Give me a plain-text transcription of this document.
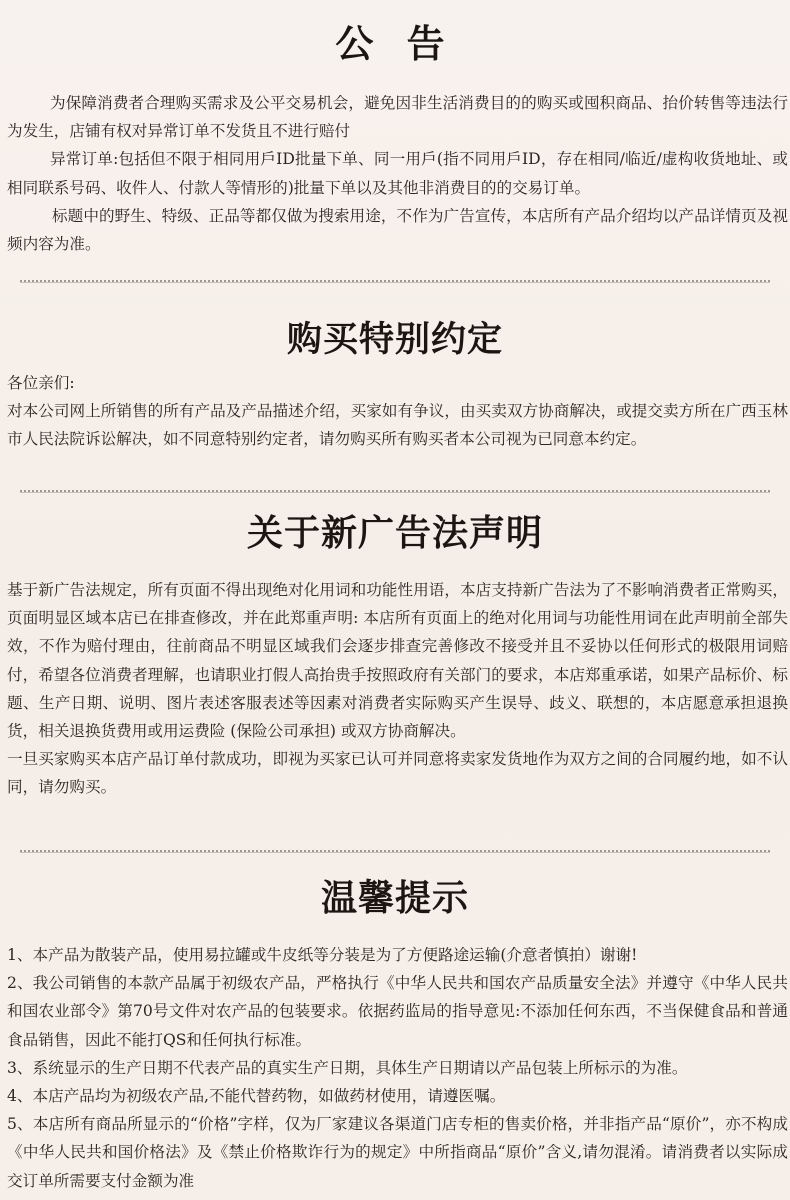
公 告

为保障消费者合理购买需求及公平交易机会，避免因非生活消费目的的购买或囤积商品、抬价转售等违法行为发生，店铺有权对异常订单不发货且不进行赔付

异常订单:包括但不限于相同用戶ID批量下单、同一用戶(指不同用戶ID，存在相同/临近/虚构收货地址、或相同联系号码、收件人、付款人等情形的)批量下单以及其他非消费目的的交易订单。

标题中的野生、特级、正品等都仅做为搜索用途，不作为广告宣传，本店所有产品介绍均以产品详情页及视频内容为准。

购买特别约定

各位亲们:

对本公司网上所销售的所有产品及产品描述介绍，买家如有争议，由买卖双方协商解决，或提交卖方所在广西玉林市人民法院诉讼解决，如不同意特别约定者，请勿购买所有购买者本公司视为已同意本约定。

关于新广告法声明

基于新广告法规定，所有页面不得出现绝对化用词和功能性用语，本店支持新广告法为了不影响消费者正常购买，页面明显区域本店已在排查修改，并在此郑重声明: 本店所有页面上的绝对化用词与功能性用词在此声明前全部失效，不作为赔付理由，往前商品不明显区域我们会逐步排查完善修改不接受并且不妥协以任何形式的极限用词赔付，希望各位消费者理解，也请职业打假人高抬贵手按照政府有关部门的要求，本店郑重承诺，如果产品标价、标题、生产日期、说明、图片表述客服表述等因素对消费者实际购买产生误导、歧义、联想的，本店愿意承担退换货，相关退换货费用或用运费险 (保险公司承担) 或双方协商解决。

一旦买家购买本店产品订单付款成功，即视为买家已认可并同意将卖家发货地作为双方之间的合同履约地，如不认同，请勿购买。

温馨提示

1、本产品为散装产品，使用易拉罐或牛皮纸等分装是为了方便路途运输(介意者慎拍）谢谢!

2、我公司销售的本款产品属于初级农产品，严格执行《中华人民共和国农产品质量安全法》并遵守《中华人民共和国农业部令》第70号文件对农产品的包装要求。依据药监局的指导意见:不添加任何东西，不当保健食品和普通食品销售，因此不能打QS和任何执行标准。

3、系统显示的生产日期不代表产品的真实生产日期，具体生产日期请以产品包装上所标示的为准。

4、本店产品均为初级农产品,不能代替药物，如做药材使用，请遵医嘱。

5、本店所有商品所显示的“价格”字样，仅为厂家建议各渠道门店专柜的售卖价格，并非指产品“原价”，亦不构成《中华人民共和国价格法》及《禁止价格欺诈行为的规定》中所指商品“原价”含义,请勿混淆。请消费者以实际成交订单所需要支付金额为准
